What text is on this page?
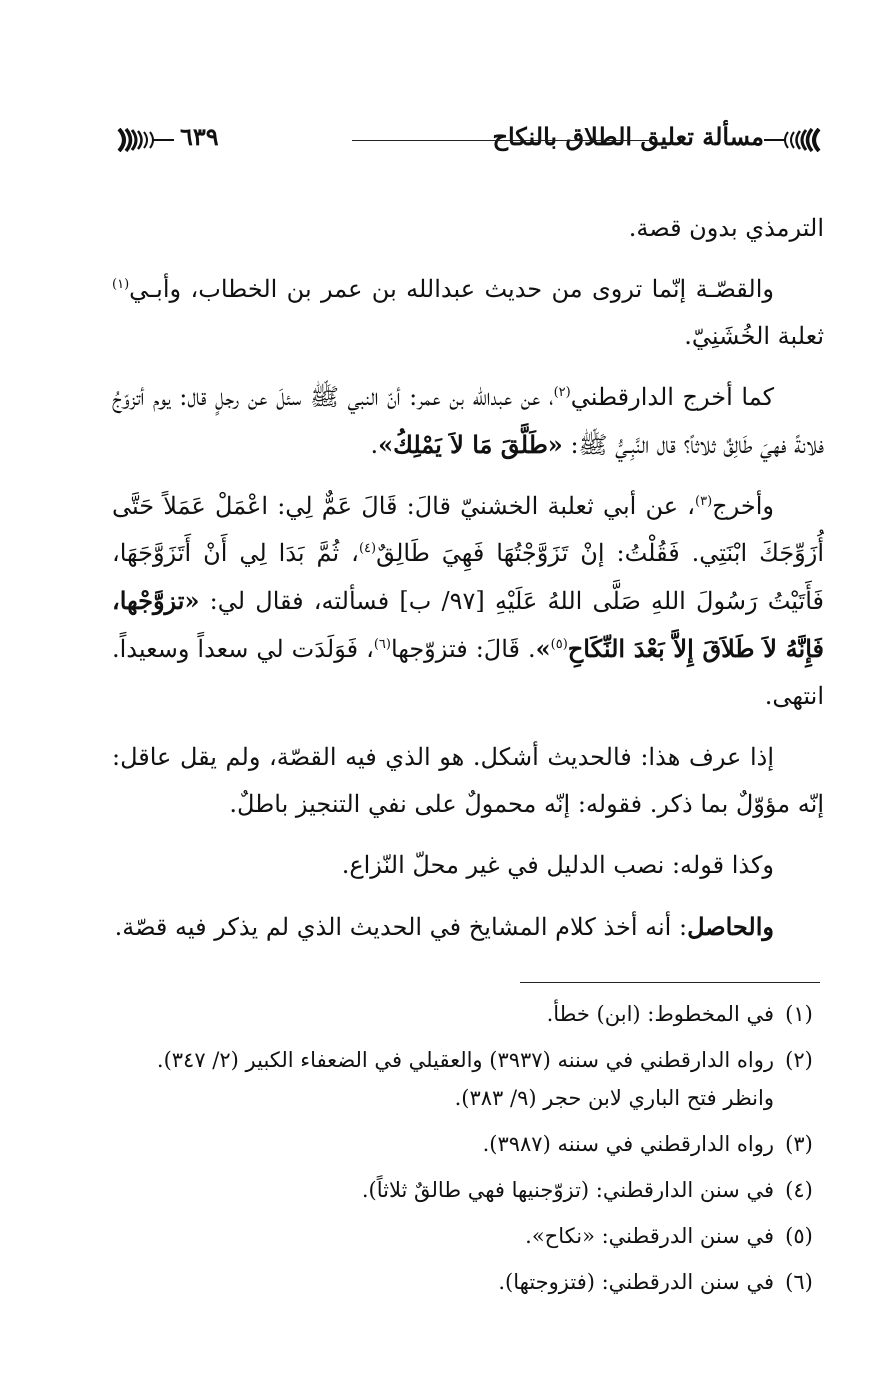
مسألة تعليق الطلاق بالنكاح
٦٣٩

الترمذي بدون قصة.

والقصّـة إنّما تروى من حديث عبدالله بن عمر بن الخطاب، وأبـي$^{(١)}$ ثعلبة الخُشَنِيّ.

كما أخرج الدارقطني$^{(٢)}$، عن عبدالله بن عمر: أنّ النبي ﷺ سئلَ عن رجلٍ قال: يوم أتزوّجُ فلانةً فهيَ طَالِقٌ ثلاثاً؟ قال النَّبِـيُّ ﷺ: «طَلَّقَ مَا لاَ يَمْلِكُ».

وأخرج$^{(٣)}$، عن أبي ثعلبة الخشنيّ قالَ: قَالَ عَمٌّ لِي: اعْمَلْ عَمَلاً حَتَّى أُزَوِّجَكَ ابْنَتِي. فَقُلْتُ: إنْ تَزَوَّجْتُهَا فَهِيَ طَالِقٌ$^{(٤)}$، ثُمَّ بَدَا لِي أَنْ أَتَزَوَّجَهَا، فَأَتَيْتُ رَسُولَ اللهِ صَلَّى اللهُ عَلَيْهِ [٩٧/ ب] فسألته، فقال لي: «تزوَّجْها، فَإِنَّهُ لاَ طَلاَقَ إِلاَّ بَعْدَ النِّكَاحِ$^{(٥)}$». قَالَ: فتزوّجها$^{(٦)}$، فَوَلَدَت لي سعداً وسعيداً. انتهى.

إذا عرف هذا: فالحديث أشكل. هو الذي فيه القصّة، ولم يقل عاقل: إنّه مؤوّلٌ بما ذكر. فقوله: إنّه محمولٌ على نفي التنجيز باطلٌ.

وكذا قوله: نصب الدليل في غير محلّ النّزاع.

والحاصل: أنه أخذ كلام المشايخ في الحديث الذي لم يذكر فيه قصّة.

(١)
في المخطوط: (ابن) خطأ.
(٢)
رواه الدارقطني في سننه (٣٩٣٧) والعقيلي في الضعفاء الكبير (٢/ ٣٤٧). وانظر فتح الباري لابن حجر (٩/ ٣٨٣).
(٣)
رواه الدارقطني في سننه (٣٩٨٧).
(٤)
في سنن الدارقطني: (تزوّجنيها فهي طالقٌ ثلاثاً).
(٥)
في سنن الدرقطني: «نكاح».
(٦)
في سنن الدرقطني: (فتزوجتها).
